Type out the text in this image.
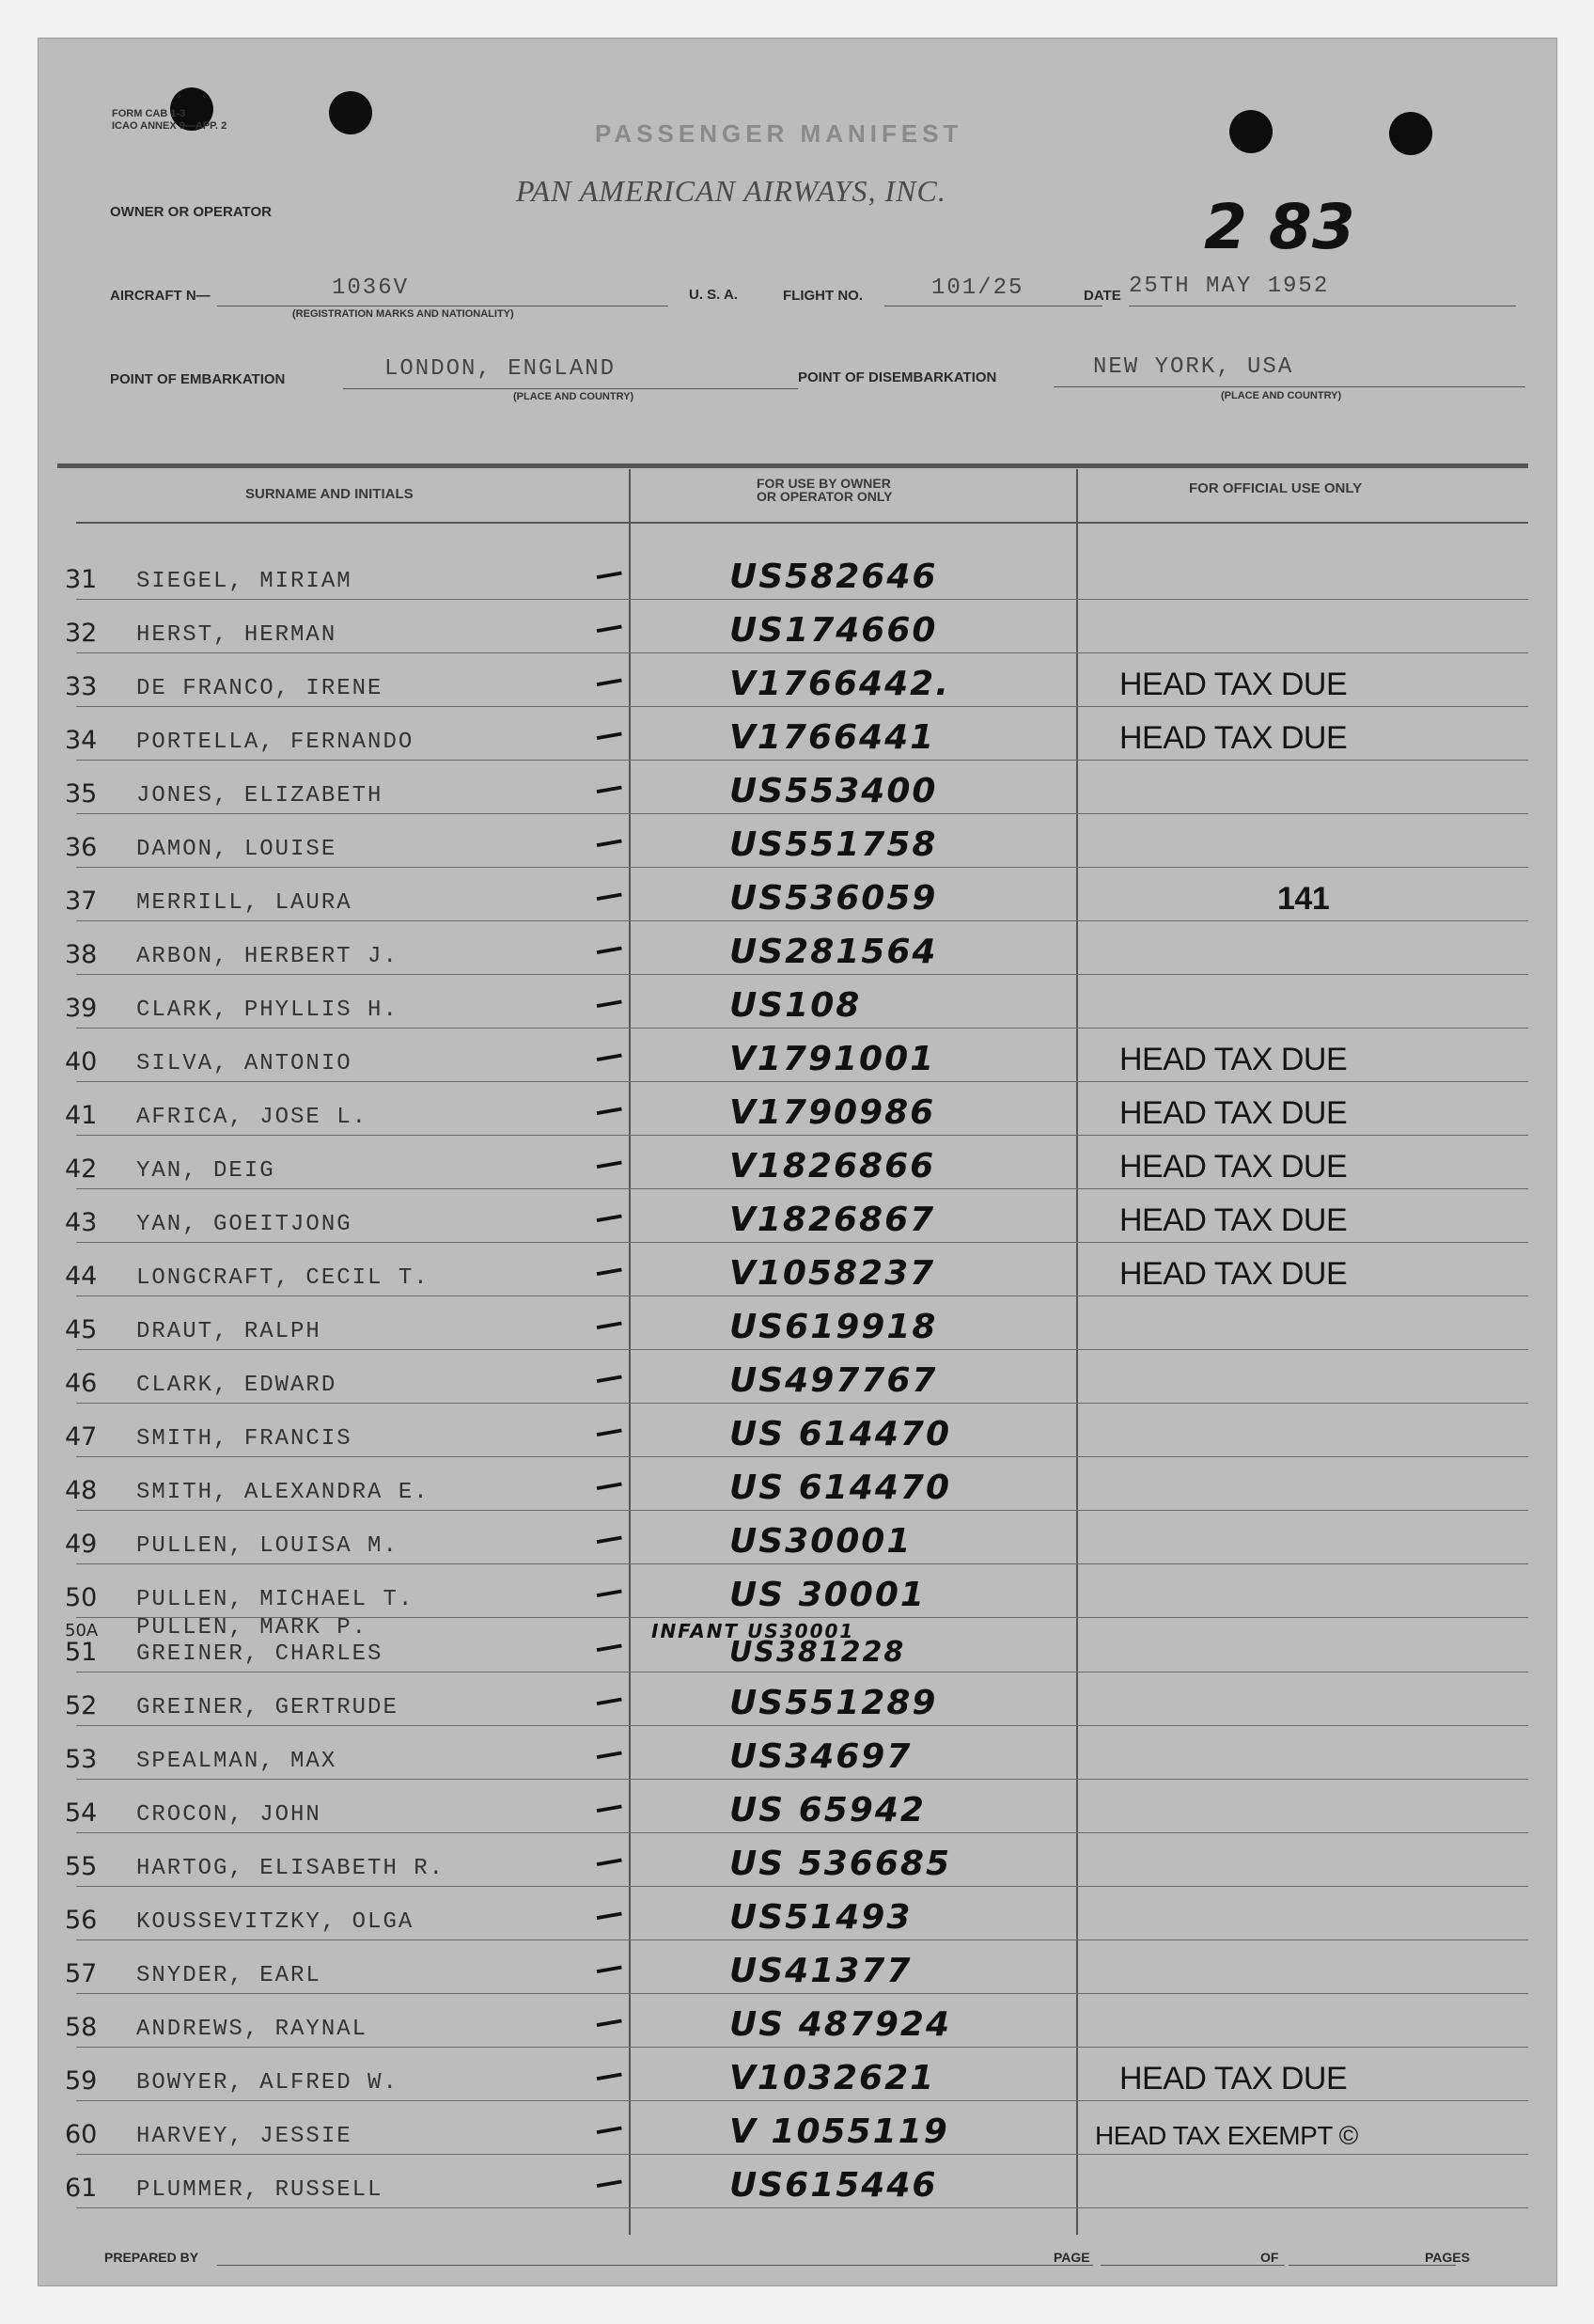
FORM CAB 1-3
ICAO ANNEX 9—APP. 2	PASSENGER MANIFEST
PAN AMERICAN AIRWAYS, INC.	2 83
OWNER OR OPERATOR
AIRCRAFT N—	1036V
(REGISTRATION MARKS AND NATIONALITY)
U. S. A.	FLIGHT NO.	101/25	DATE 25TH MAY 1952
POINT OF EMBARKATION	LONDON, ENGLAND
(PLACE AND COUNTRY)
POINT OF DISEMBARKATION	NEW YORK, USA
(PLACE AND COUNTRY)
SURNAME AND INITIALS
FOR USE BY OWNER
OR OPERATOR ONLY	FOR OFFICIAL USE ONLY
31 SIEGEL, MIRIAM	—	US582646
32 HERST, HERMAN	—	US174660
33 DE FRANCO, IRENE	—	V1766442.	HEAD TAX DUE
34 PORTELLA, FERNANDO	—	V1766441	HEAD TAX DUE
35 JONES, ELIZABETH	—	US553400
36 DAMON, LOUISE	—	US551758
37 MERRILL, LAURA	—	US536059	141
38 ARBON, HERBERT J.	—	US281564
39 CLARK, PHYLLIS H.	—	US108
40 SILVA, ANTONIO	—	V1791001	HEAD TAX DUE
41 AFRICA, JOSE L.	—	V1790986	HEAD TAX DUE
42 YAN, DEIG	—	V1826866	HEAD TAX DUE
43 YAN, GOEITJONG	—	V1826867	HEAD TAX DUE
44 LONGCRAFT, CECIL T.	—	V1058237	HEAD TAX DUE
45 DRAUT, RALPH	—	US619918
46 CLARK, EDWARD	—	US497767
47 SMITH, FRANCIS	—	US 614470
48 SMITH, ALEXANDRA E.	—	US 614470
49 PULLEN, LOUISA M.	—	US30001
50 PULLEN, MICHAEL T.	—	US 30001
50A PULLEN, MARK P.	INFANT US30001
51 GREINER, CHARLES	—	US381228
52 GREINER, GERTRUDE	—	US551289
53 SPEALMAN, MAX	—	US34697
54 CROCON, JOHN	—	US 65942
55 HARTOG, ELISABETH R.	—	US 536685
56 KOUSSEVITZKY, OLGA	—	US51493
57 SNYDER, EARL	—	US41377
58 ANDREWS, RAYNAL	—	US 487924
59 BOWYER, ALFRED W.	—	V1032621	HEAD TAX DUE
60 HARVEY, JESSIE	—	V 1055119	HEAD TAX EXEMPT ©
61 PLUMMER, RUSSELL	—	US615446
PREPARED BY	PAGE	OF	PAGES
